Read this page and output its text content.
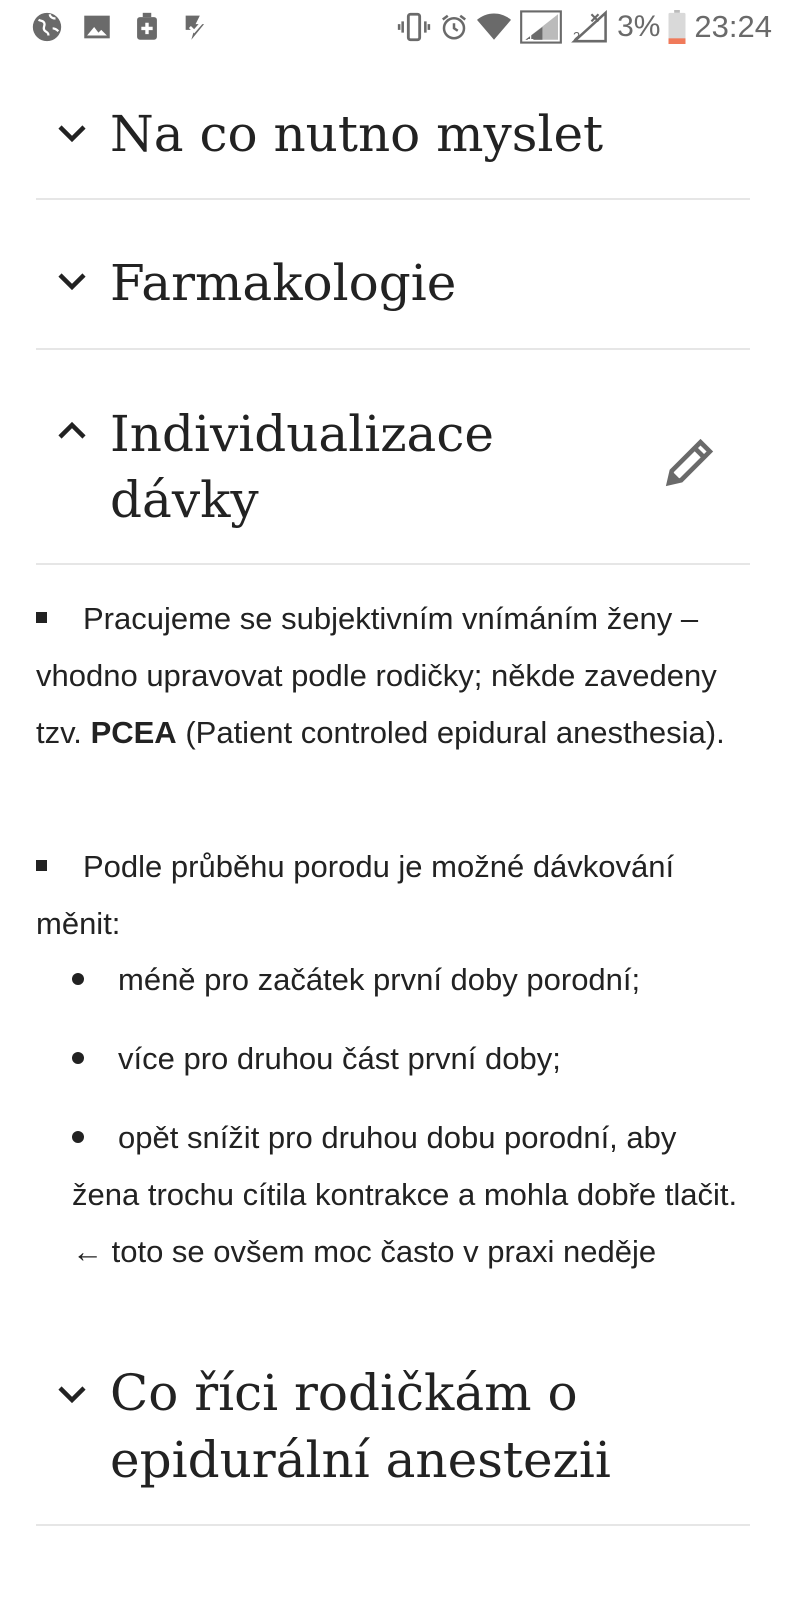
1	2 3% 23:24
Na co nutno myslet
Farmakologie
Individualizace
dávky

Pracujeme se subjektivním vnímáním ženy – vhodno upravovat podle rodičky; někde zavedeny tzv. PCEA (Patient controled epidural anesthesia).

Podle průběhu porodu je možné dávkování měnit:

méně pro začátek první doby porodní;
více pro druhou část první doby;
opět snížit pro druhou dobu porodní, aby žena trochu cítila kontrakce a mohla dobře tlačit.
← toto se ovšem moc často v praxi neděje
Co říci rodičkám o
epidurální anestezii
